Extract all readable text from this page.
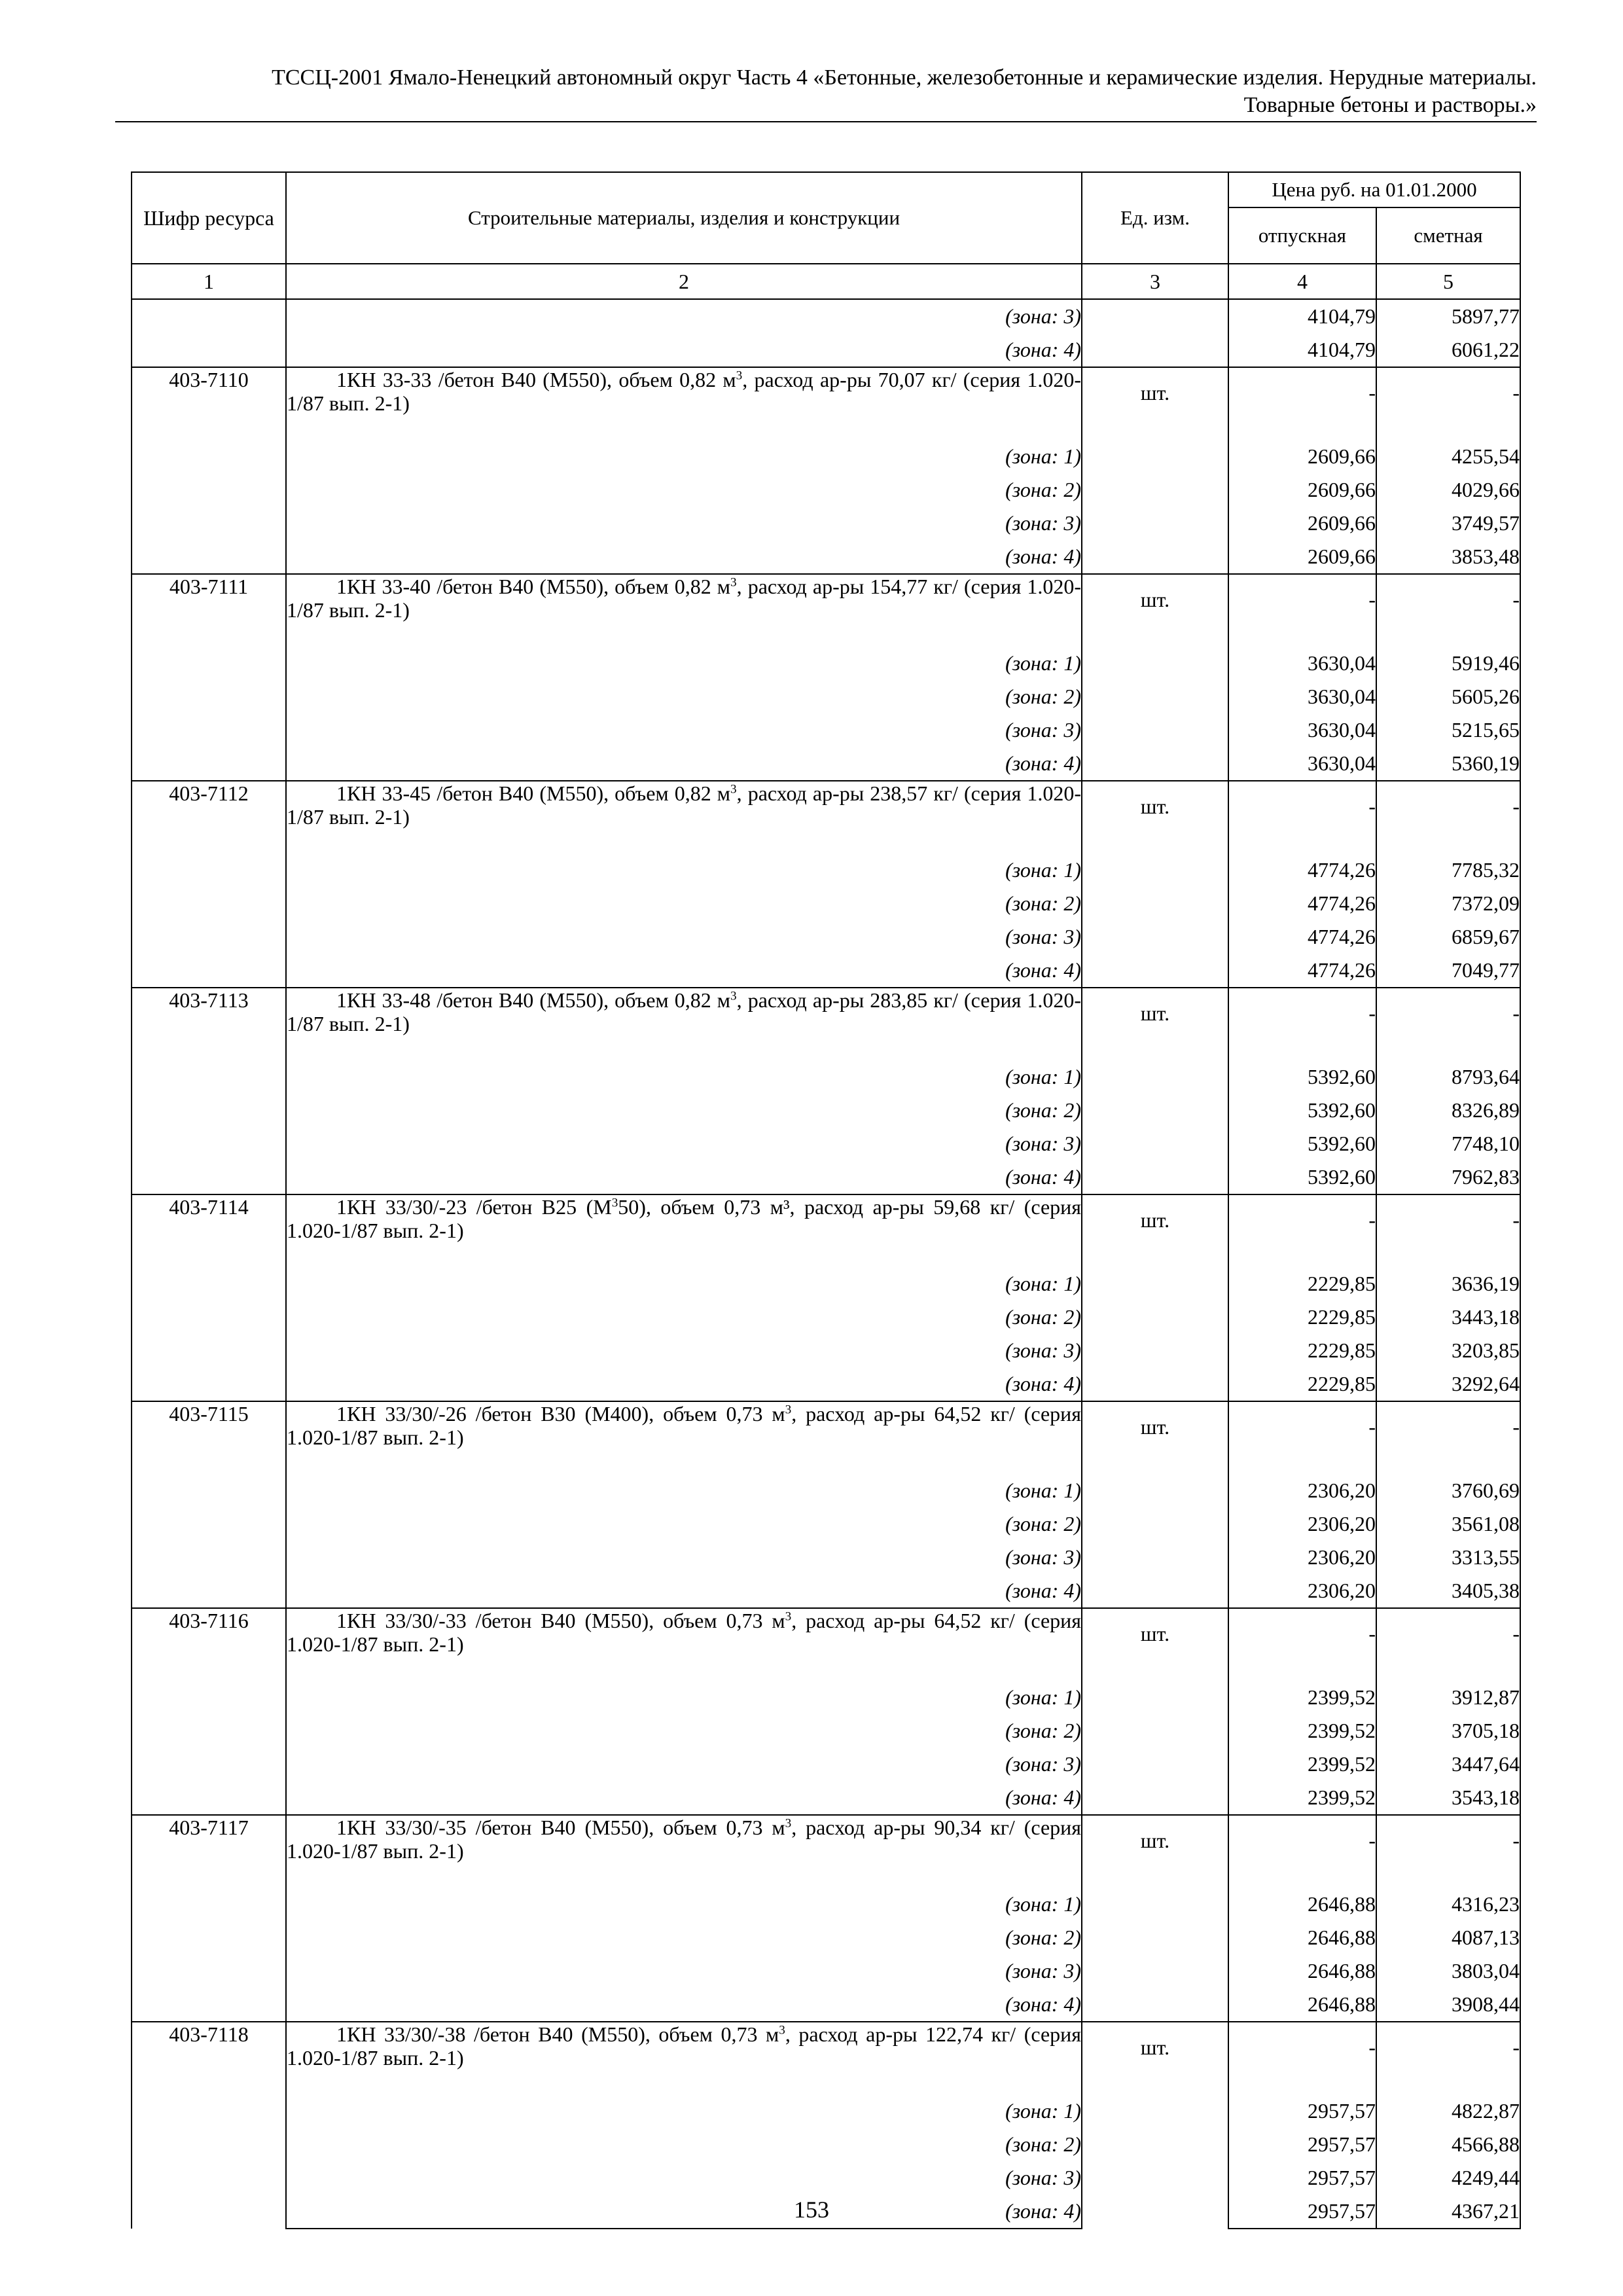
ТССЦ-2001 Ямало-Ненецкий автономный округ Часть 4 «Бетонные, железобетонные и керамические изделия. Нерудные материалы.
Товарные бетоны и растворы.»
Шифр ресурса	Строительные материалы, изделия и конструкции	Ед. изм.	Цена руб. на 01.01.2000	
			отпускная	сметная
1	2	3	4	5
	(зона: 3)		4104,79	5897,77
	(зона: 4)		4104,79	6061,22
403-7110	1КН 33-33 /бетон В40 (М550), объем 0,82 $м^3$, расход ар-ры 70,07 кг/ (серия 1.020-1/87 вып. 2-1)	шт.	-	-
	(зона: 1)		2609,66	4255,54
	(зона: 2)		2609,66	4029,66
	(зона: 3)		2609,66	3749,57
	(зона: 4)		2609,66	3853,48
403-7111	1КН 33-40 /бетон В40 (М550), объем 0,82 $м^3$, расход ар-ры 154,77 кг/ (серия 1.020-1/87 вып. 2-1)	шт.	-	-
	(зона: 1)		3630,04	5919,46
	(зона: 2)		3630,04	5605,26
	(зона: 3)		3630,04	5215,65
	(зона: 4)		3630,04	5360,19
403-7112	1КН 33-45 /бетон В40 (М550), объем 0,82 $м^3$, расход ар-ры 238,57 кг/ (серия 1.020-1/87 вып. 2-1)	шт.	-	-
	(зона: 1)		4774,26	7785,32
	(зона: 2)		4774,26	7372,09
	(зона: 3)		4774,26	6859,67
	(зона: 4)		4774,26	7049,77
403-7113	1КН 33-48 /бетон В40 (М550), объем 0,82 $м^3$, расход ар-ры 283,85 кг/ (серия 1.020-1/87 вып. 2-1)	шт.	-	-
	(зона: 1)		5392,60	8793,64
	(зона: 2)		5392,60	8326,89
	(зона: 3)		5392,60	7748,10
	(зона: 4)		5392,60	7962,83
403-7114	1КН 33/30/-23 /бетон В25 $(М^350)$, объем 0,73 м³, расход ар-ры 59,68 кг/ (серия 1.020-1/87 вып. 2-1)	шт.	-	-
	(зона: 1)		2229,85	3636,19
	(зона: 2)		2229,85	3443,18
	(зона: 3)		2229,85	3203,85
	(зона: 4)		2229,85	3292,64
403-7115	1КН 33/30/-26 /бетон В30 (М400), объем 0,73 $м^3$, расход ар-ры 64,52 кг/ (серия 1.020-1/87 вып. 2-1)	шт.	-	-
	(зона: 1)		2306,20	3760,69
	(зона: 2)		2306,20	3561,08
	(зона: 3)		2306,20	3313,55
	(зона: 4)		2306,20	3405,38
403-7116	1КН 33/30/-33 /бетон В40 (М550), объем 0,73 $м^3$, расход ар-ры 64,52 кг/ (серия 1.020-1/87 вып. 2-1)	шт.	-	-
	(зона: 1)		2399,52	3912,87
	(зона: 2)		2399,52	3705,18
	(зона: 3)		2399,52	3447,64
	(зона: 4)		2399,52	3543,18
403-7117	1КН 33/30/-35 /бетон В40 (М550), объем 0,73 $м^3$, расход ар-ры 90,34 кг/ (серия 1.020-1/87 вып. 2-1)	шт.	-	-
	(зона: 1)		2646,88	4316,23
	(зона: 2)		2646,88	4087,13
	(зона: 3)		2646,88	3803,04
	(зона: 4)		2646,88	3908,44
403-7118	1КН 33/30/-38 /бетон В40 (М550), объем 0,73 $м^3$, расход ар-ры 122,74 кг/ (серия 1.020-1/87 вып. 2-1)	шт.	-	-
	(зона: 1)		2957,57	4822,87
	(зона: 2)		2957,57	4566,88
	(зона: 3)		2957,57	4249,44
	(зона: 4)		2957,57	4367,21
153
